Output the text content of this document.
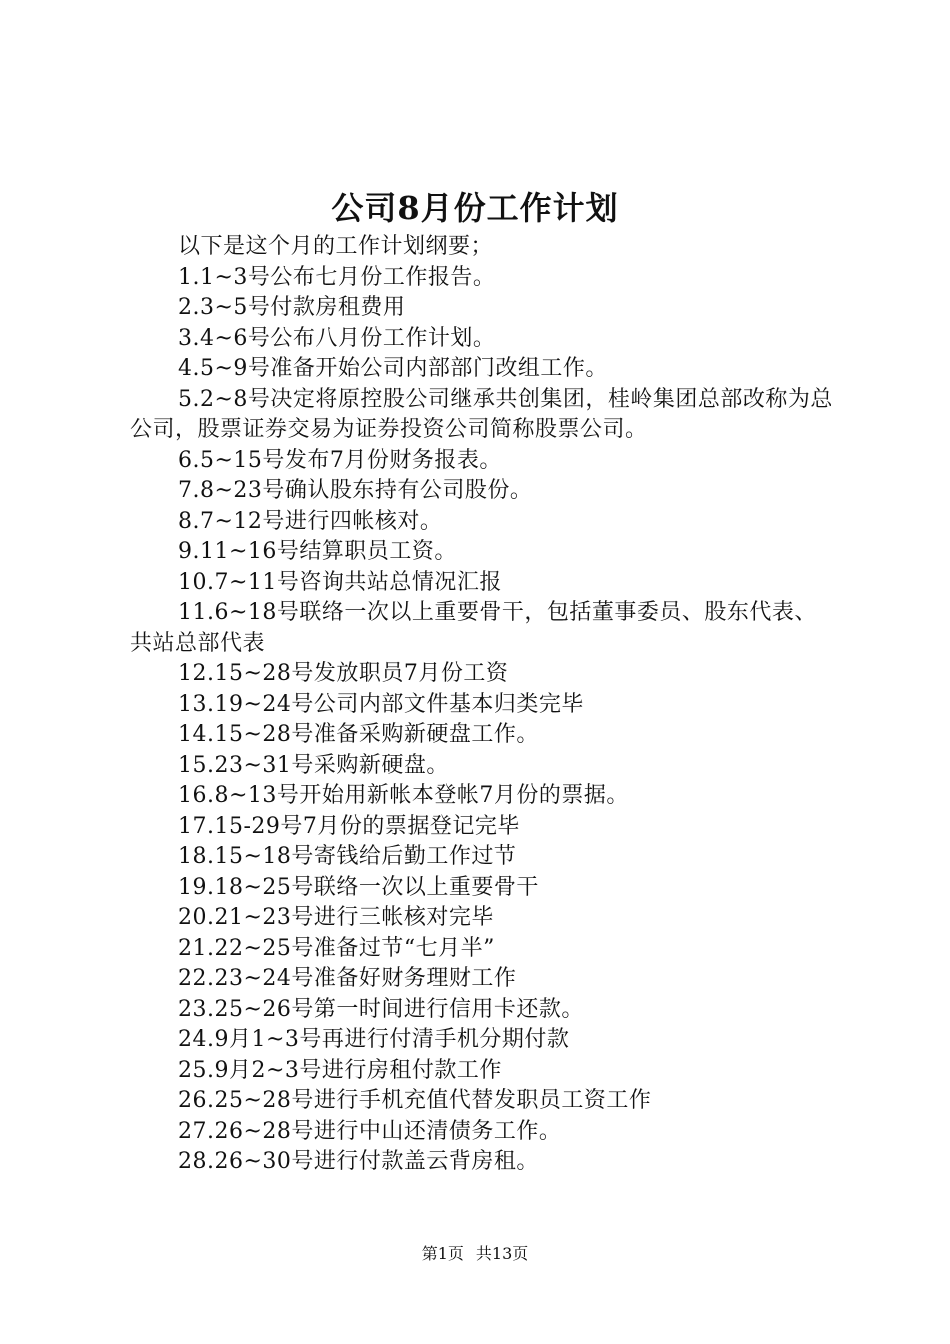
公司8月份工作计划

以下是这个月的工作计划纲要；

1.1~3号公布七月份工作报告。

2.3~5号付款房租费用

3.4~6号公布八月份工作计划。

4.5~9号准备开始公司内部部门改组工作。

5.2~8号决定将原控股公司继承共创集团，桂岭集团总部改称为总公司，股票证券交易为证券投资公司简称股票公司。

6.5~15号发布7月份财务报表。

7.8~23号确认股东持有公司股份。

8.7~12号进行四帐核对。

9.11~16号结算职员工资。

10.7~11号咨询共站总情况汇报

11.6~18号联络一次以上重要骨干，包括董事委员、股东代表、共站总部代表

12.15~28号发放职员7月份工资

13.19~24号公司内部文件基本归类完毕

14.15~28号准备采购新硬盘工作。

15.23~31号采购新硬盘。

16.8~13号开始用新帐本登帐7月份的票据。

17.15-29号7月份的票据登记完毕

18.15~18号寄钱给后勤工作过节

19.18~25号联络一次以上重要骨干

20.21~23号进行三帐核对完毕

21.22~25号准备过节“七月半”

22.23~24号准备好财务理财工作

23.25~26号第一时间进行信用卡还款。

24.9月1~3号再进行付清手机分期付款

25.9月2~3号进行房租付款工作

26.25~28号进行手机充值代替发职员工资工作

27.26~28号进行中山还清债务工作。

28.26~30号进行付款盖云背房租。

第1页 共13页
